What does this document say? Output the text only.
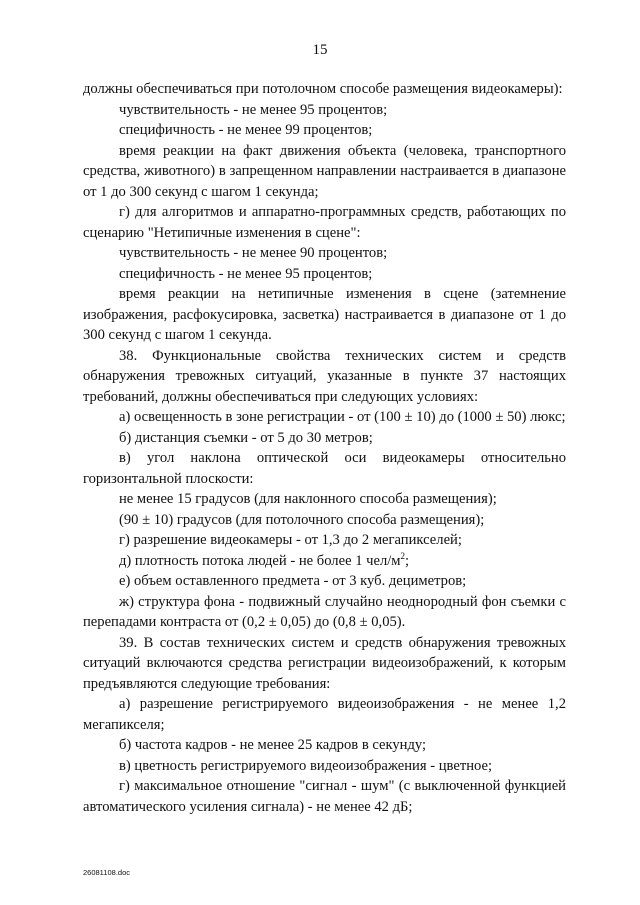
15

должны обеспечиваться при потолочном способе размещения видеокамеры):

чувствительность - не менее 95 процентов;

специфичность - не менее 99 процентов;

время реакции на факт движения объекта (человека, транспортного средства, животного) в запрещенном направлении настраивается в диапазоне от 1 до 300 секунд с шагом 1 секунда;

г) для алгоритмов и аппаратно-программных средств, работающих по сценарию "Нетипичные изменения в сцене":

чувствительность - не менее 90 процентов;

специфичность - не менее 95 процентов;

время реакции на нетипичные изменения в сцене (затемнение изображения, расфокусировка, засветка) настраивается в диапазоне от 1 до 300 секунд с шагом 1 секунда.

38. Функциональные свойства технических систем и средств обнаружения тревожных ситуаций, указанные в пункте 37 настоящих требований, должны обеспечиваться при следующих условиях:

а) освещенность в зоне регистрации - от (100 ± 10) до (1000 ± 50) люкс;

б) дистанция съемки - от 5 до 30 метров;

в) угол наклона оптической оси видеокамеры относительно горизонтальной плоскости:

не менее 15 градусов (для наклонного способа размещения);

(90 ± 10) градусов (для потолочного способа размещения);

г) разрешение видеокамеры - от 1,3 до 2 мегапикселей;

д) плотность потока людей - не более 1 чел/$м^2$;

е) объем оставленного предмета - от 3 куб. дециметров;

ж) структура фона - подвижный случайно неоднородный фон съемки с перепадами контраста от (0,2 ± 0,05) до (0,8 ± 0,05).

39. В состав технических систем и средств обнаружения тревожных ситуаций включаются средства регистрации видеоизображений, к которым предъявляются следующие требования:

а) разрешение регистрируемого видеоизображения - не менее 1,2 мегапикселя;

б) частота кадров - не менее 25 кадров в секунду;

в) цветность регистрируемого видеоизображения - цветное;

г) максимальное отношение "сигнал - шум" (с выключенной функцией автоматического усиления сигнала) - не менее 42 дБ;

26081108.doc
